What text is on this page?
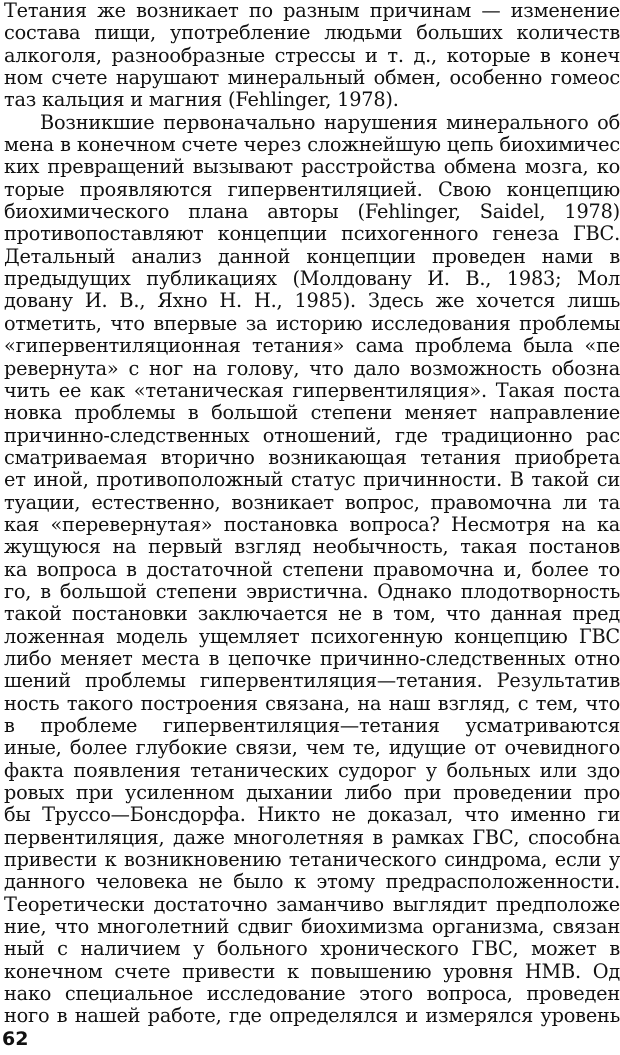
Тетания же возникает по разным причинам — изменение
состава пищи, употребление людьми больших количеств
алкоголя, разнообразные стрессы и т. д., которые в конеч
ном счете нарушают минеральный обмен, особенно гомеос
таз кальция и магния (Fehlinger, 1978).
Возникшие первоначально нарушения минерального об
мена в конечном счете через сложнейшую цепь биохимичес
ких превращений вызывают расстройства обмена мозга, ко
торые проявляются гипервентиляцией. Свою концепцию
биохимического плана авторы (Fehlinger, Saidel, 1978)
противопоставляют концепции психогенного генеза ГВС.
Детальный анализ данной концепции проведен нами в
предыдущих публикациях (Молдовану И. В., 1983; Мол
довану И. В., Яхно Н. Н., 1985). Здесь же хочется лишь
отметить, что впервые за историю исследования проблемы
«гипервентиляционная тетания» сама проблема была «пе
ревернута» с ног на голову, что дало возможность обозна
чить ее как «тетаническая гипервентиляция». Такая поста
новка проблемы в большой степени меняет направление
причинно-следственных отношений, где традиционно рас
сматриваемая вторично возникающая тетания приобрета
ет иной, противоположный статус причинности. В такой си
туации, естественно, возникает вопрос, правомочна ли та
кая «перевернутая» постановка вопроса? Несмотря на ка
жущуюся на первый взгляд необычность, такая постанов
ка вопроса в достаточной степени правомочна и, более то
го, в большой степени эвристична. Однако плодотворность
такой постановки заключается не в том, что данная пред
ложенная модель ущемляет психогенную концепцию ГВС
либо меняет места в цепочке причинно-следственных отно
шений проблемы гипервентиляция—тетания. Результатив
ность такого построения связана, на наш взгляд, с тем, что
в проблеме гипервентиляция—тетания усматриваются
иные, более глубокие связи, чем те, идущие от очевидного
факта появления тетанических судорог у больных или здо
ровых при усиленном дыхании либо при проведении про
бы Труссо—Бонсдорфа. Никто не доказал, что именно ги
первентиляция, даже многолетняя в рамках ГВС, способна
привести к возникновению тетанического синдрома, если у
данного человека не было к этому предрасположенности.
Теоретически достаточно заманчиво выглядит предположе
ние, что многолетний сдвиг биохимизма организма, связан
ный с наличием у больного хронического ГВС, может в
конечном счете привести к повышению уровня НМВ. Од
нако специальное исследование этого вопроса, проведен
ного в нашей работе, где определялся и измерялся уровень
62
